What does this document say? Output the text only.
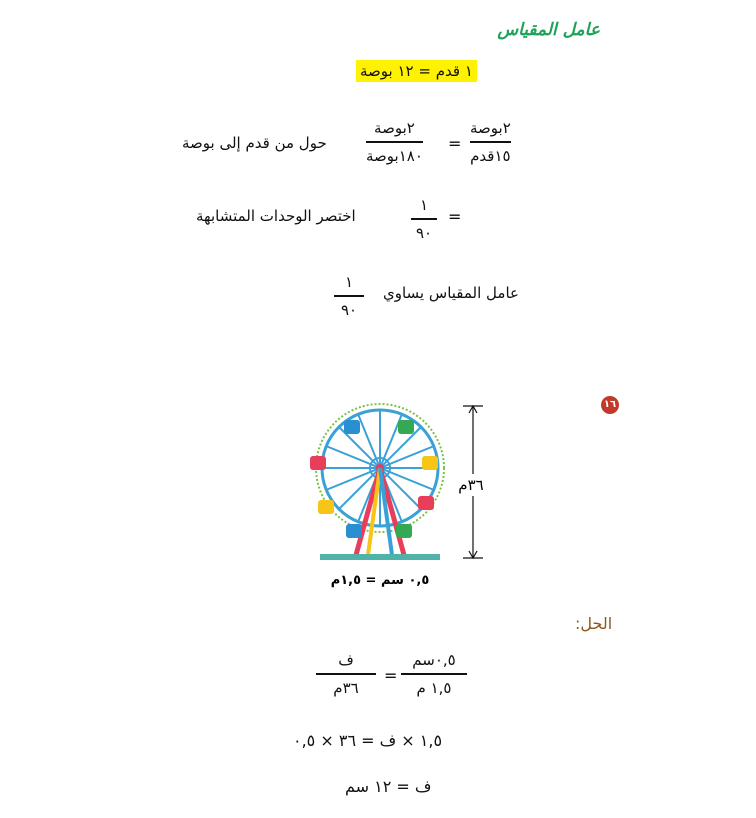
عامل المقياس
١ قدم = ١٢ بوصة
٢بوصة
١٥قدم
=
٢بوصة
١٨٠بوصة
حول من قدم إلى بوصة
=
١
٩٠
اختصر الوحدات المتشابهة
عامل المقياس يساوي
١
٩٠
١٦
٣٦م
٠,٥ سم = ١,٥م
الحل:
٠,٥سم
١,٥ م
=
ف
٣٦م
١,٥ × ف = ٣٦ × ٠,٥
ف = ١٢ سم
